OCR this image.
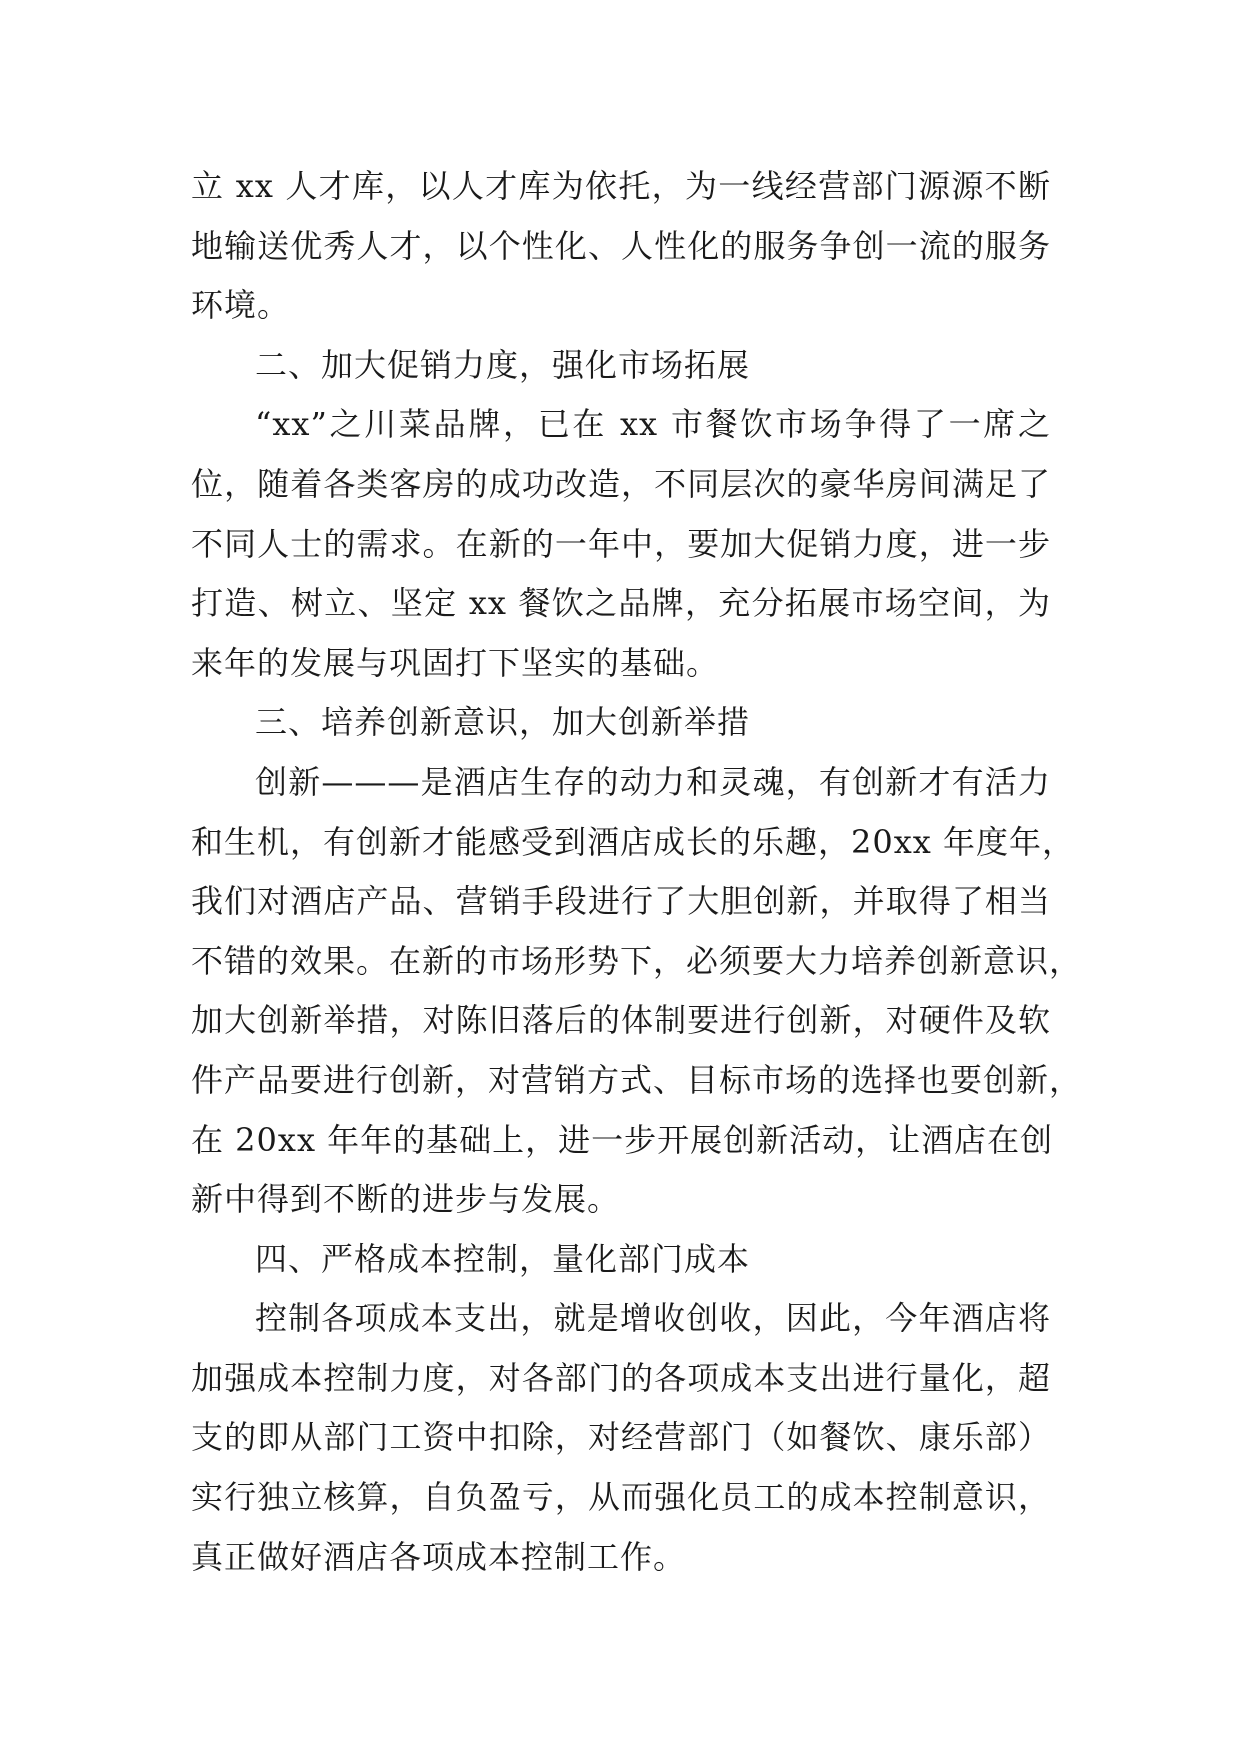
立 xx 人才库，以人才库为依托，为一线经营部门源源不断
地输送优秀人才，以个性化、人性化的服务争创一流的服务
环境。
二、加大促销力度，强化市场拓展
“xx”之川菜品牌，已在 xx 市餐饮市场争得了一席之
位，随着各类客房的成功改造，不同层次的豪华房间满足了
不同人士的需求。在新的一年中，要加大促销力度，进一步
打造、树立、坚定 xx 餐饮之品牌，充分拓展市场空间，为
来年的发展与巩固打下坚实的基础。
三、培养创新意识，加大创新举措
创新———是酒店生存的动力和灵魂，有创新才有活力
和生机，有创新才能感受到酒店成长的乐趣，20xx 年度年，
我们对酒店产品、营销手段进行了大胆创新，并取得了相当
不错的效果。在新的市场形势下，必须要大力培养创新意识，
加大创新举措，对陈旧落后的体制要进行创新，对硬件及软
件产品要进行创新，对营销方式、目标市场的选择也要创新，
在 20xx 年年的基础上，进一步开展创新活动，让酒店在创
新中得到不断的进步与发展。
四、严格成本控制，量化部门成本
控制各项成本支出，就是增收创收，因此，今年酒店将
加强成本控制力度，对各部门的各项成本支出进行量化，超
支的即从部门工资中扣除，对经营部门（如餐饮、康乐部）
实行独立核算，自负盈亏，从而强化员工的成本控制意识，
真正做好酒店各项成本控制工作。
